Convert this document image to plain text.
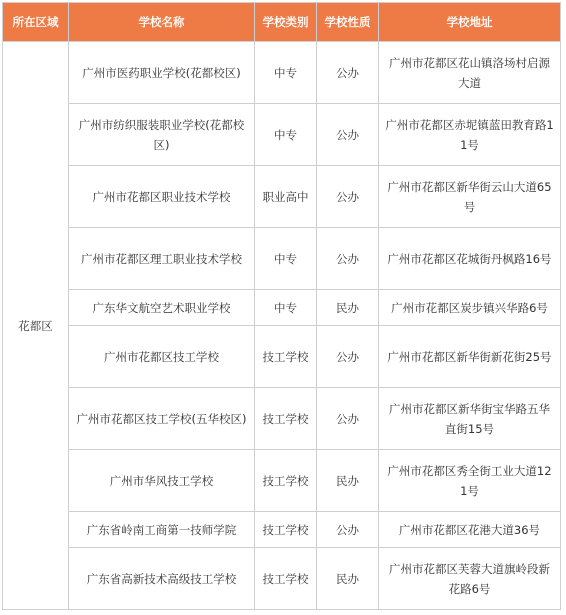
所在区域	学校名称	学校类别	学校性质	学校地址
花都区	广州市医药职业学校(花都校区)	中专	公办	广州市花都区花山镇洛场村启源大道
	广州市纺织服装职业学校(花都校区)	中专	公办	广州市花都区赤坭镇蓝田教育路11号
	广州市花都区职业技术学校	职业高中	公办	广州市花都区新华街云山大道65号
	广州市花都区理工职业技术学校	中专	公办	广州市花都区花城街丹枫路16号
	广东华文航空艺术职业学校	中专	民办	广州市花都区炭步镇兴华路6号
	广州市花都区技工学校	技工学校	公办	广州市花都区新华街新花街25号
	广州市花都区技工学校(五华校区)	技工学校	公办	广州市花都区新华街宝华路五华直街15号
	广州市华风技工学校	技工学校	民办	广州市花都区秀全街工业大道121号
	广东省岭南工商第一技师学院	技工学校	公办	广州市花都区花港大道36号
	广东省高新技术高级技工学校	技工学校	民办	广州市花都区芙蓉大道旗岭段新花路6号
